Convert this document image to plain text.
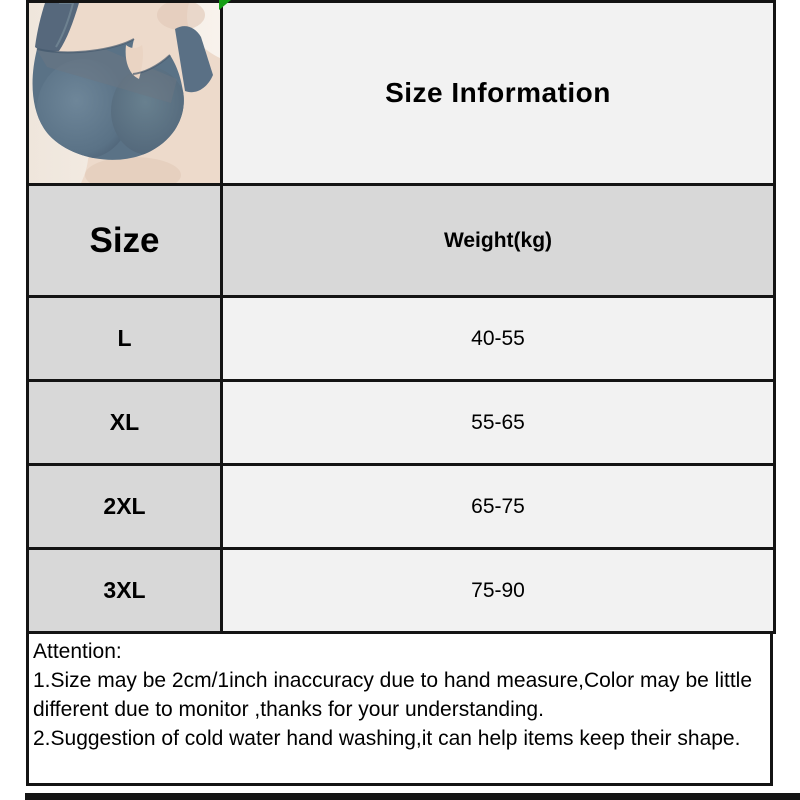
	Size Information
Size	Weight(kg)
L	40-55
XL	55-65
2XL	65-75
3XL	75-90

Attention:

1.Size may be 2cm/1inch inaccuracy due to hand measure,Color may be little different due to monitor ,thanks for your understanding.

2.Suggestion of cold water hand washing,it can help items keep their shape.
